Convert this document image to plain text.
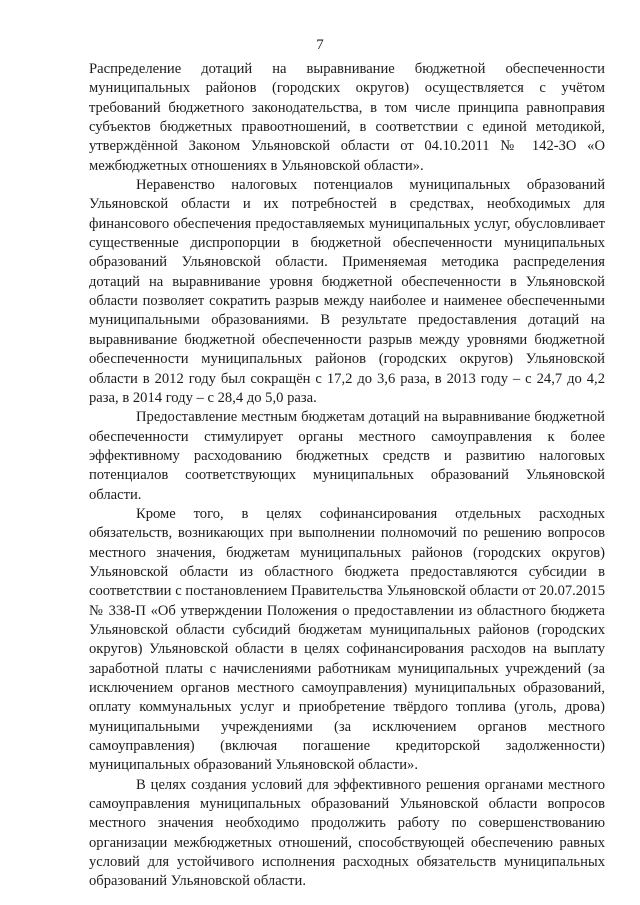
7

Распределение дотаций на выравнивание бюджетной обеспеченности муниципальных районов (городских округов) осуществляется с учётом требований бюджетного законодательства, в том числе принципа равноправия субъектов бюджетных правоотношений, в соответствии с единой методикой, утверждённой Законом Ульяновской области от 04.10.2011 № 142-ЗО «О межбюджетных отношениях в Ульяновской области».

Неравенство налоговых потенциалов муниципальных образований Ульяновской области и их потребностей в средствах, необходимых для финансового обеспечения предоставляемых муниципальных услуг, обусловливает существенные диспропорции в бюджетной обеспеченности муниципальных образований Ульяновской области. Применяемая методика распределения дотаций на выравнивание уровня бюджетной обеспеченности в Ульяновской области позволяет сократить разрыв между наиболее и наименее обеспеченными муниципальными образованиями. В результате предоставления дотаций на выравнивание бюджетной обеспеченности разрыв между уровнями бюджетной обеспеченности муниципальных районов (городских округов) Ульяновской области в 2012 году был сокращён с 17,2 до 3,6 раза, в 2013 году – с 24,7 до 4,2 раза, в 2014 году – с 28,4 до 5,0 раза.

Предоставление местным бюджетам дотаций на выравнивание бюджетной обеспеченности стимулирует органы местного самоуправления к более эффективному расходованию бюджетных средств и развитию налоговых потенциалов соответствующих муниципальных образований Ульяновской области.

Кроме того, в целях софинансирования отдельных расходных обязательств, возникающих при выполнении полномочий по решению вопросов местного значения, бюджетам муниципальных районов (городских округов) Ульяновской области из областного бюджета предоставляются субсидии в соответствии с постановлением Правительства Ульяновской области от 20.07.2015 № 338-П «Об утверждении Положения о предоставлении из областного бюджета Ульяновской области субсидий бюджетам муниципальных районов (городских округов) Ульяновской области в целях софинансирования расходов на выплату заработной платы с начислениями работникам муниципальных учреждений (за исключением органов местного самоуправления) муниципальных образований, оплату коммунальных услуг и приобретение твёрдого топлива (уголь, дрова) муниципальными учреждениями (за исключением органов местного самоуправления) (включая погашение кредиторской задолженности) муниципальных образований Ульяновской области».

В целях создания условий для эффективного решения органами местного самоуправления муниципальных образований Ульяновской области вопросов местного значения необходимо продолжить работу по совершенствованию организации межбюджетных отношений, способствующей обеспечению равных условий для устойчивого исполнения расходных обязательств муниципальных образований Ульяновской области.
